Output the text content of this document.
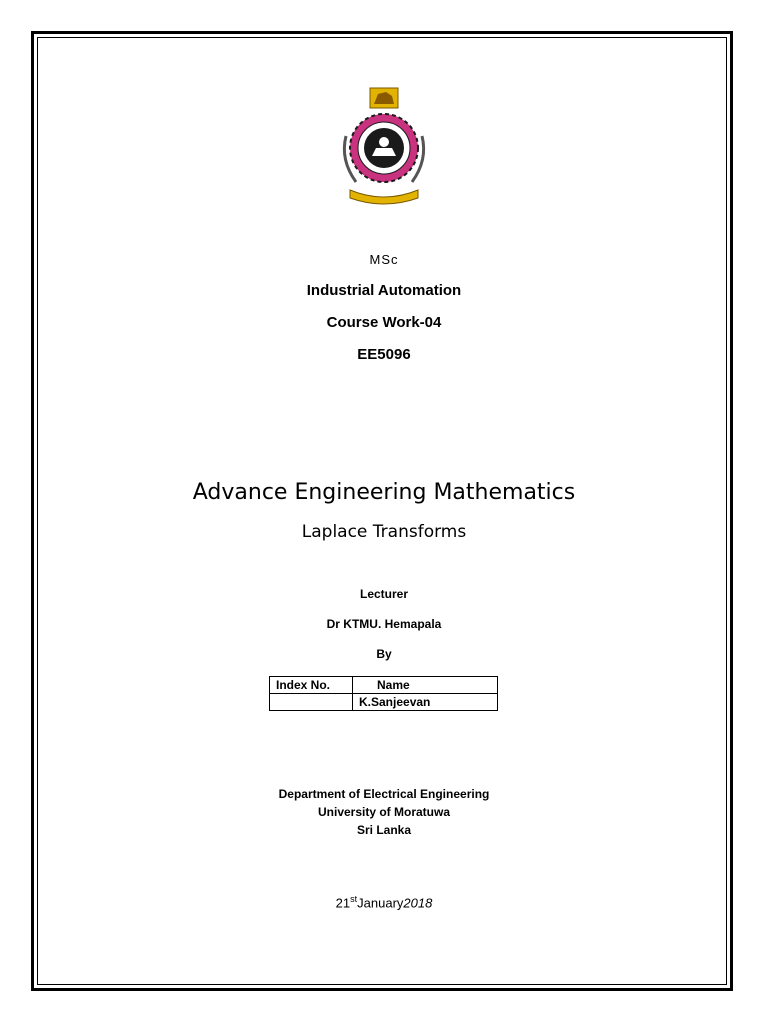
MSc

Industrial Automation

Course Work-04

EE5096

Advance Engineering Mathematics

Laplace Transforms

Lecturer

Dr KTMU. Hemapala

By

Index No.	Name
	K.Sanjeevan
Department of Electrical Engineering
University of Moratuwa
Sri Lanka

21stJanuary2018
